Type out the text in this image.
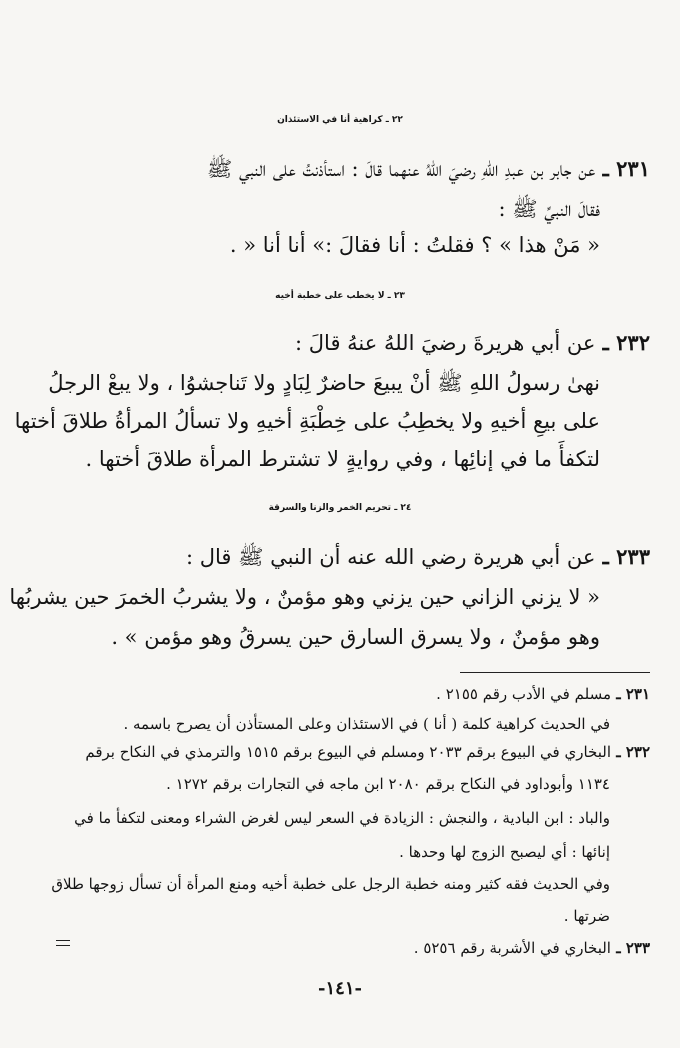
٢٢ ـ كراهية أنا في الاستئذان
٢٣١ ـ عن جابر بن عبدِ اللهِ رضيَ اللهُ عنهما قالَ : استأذنتُ على النبي ﷺ
فقالَ النبيِّ ﷺ :
« مَنْ هذا » ؟ فقلتُ : أنا فقالَ :» أنا أنا « .
٢٣ ـ لا يخطب على خطبة أخيه
٢٣٢ ـ عن أبي هريرةَ رضيَ اللهُ عنهُ قالَ :
نهىٰ رسولُ اللهِ ﷺ أنْ يبيعَ حاضرٌ لِبَادٍ ولا تَناجشوُا ، ولا يبعْ الرجلُ
على بيعِ أخيهِ ولا يخطِبُ على خِطْبَةِ أخيهِ ولا تسألُ المرأةُ طلاقَ أختها
لتكفأَ ما في إنائِها ، وفي روايةٍ لا تشترط المرأة طلاقَ أختها .
٢٤ ـ تحريم الخمر والزنا والسرقة
٢٣٣ ـ عن أبي هريرة رضي الله عنه أن النبي ﷺ قال :
« لا يزني الزاني حين يزني وهو مؤمنٌ ، ولا يشربُ الخمرَ حين يشربُها
وهو مؤمنٌ ، ولا يسرق السارق حين يسرقُ وهو مؤمن » .
٢٣١ ـ مسلم في الأدب رقم ٢١٥٥ .
في الحديث كراهية كلمة ( أنا ) في الاستئذان وعلى المستأذن أن يصرح باسمه .
٢٣٢ ـ البخاري في البيوع برقم ٢٠٣٣ ومسلم في البيوع برقم ١٥١٥ والترمذي في النكاح برقم
١١٣٤ وأبوداود في النكاح برقم ٢٠٨٠ ابن ماجه في التجارات برقم ١٢٧٢ .
والباد : ابن البادية ، والنجش : الزيادة في السعر ليس لغرض الشراء ومعنى لتكفأ ما في
إنائها : أي ليصبح الزوج لها وحدها .
وفي الحديث فقه كثير ومنه خطبة الرجل على خطبة أخيه ومنع المرأة أن تسأل زوجها طلاق
ضرتها .
٢٣٣ ـ البخاري في الأشربة رقم ٥٢٥٦ .
-١٤١-
